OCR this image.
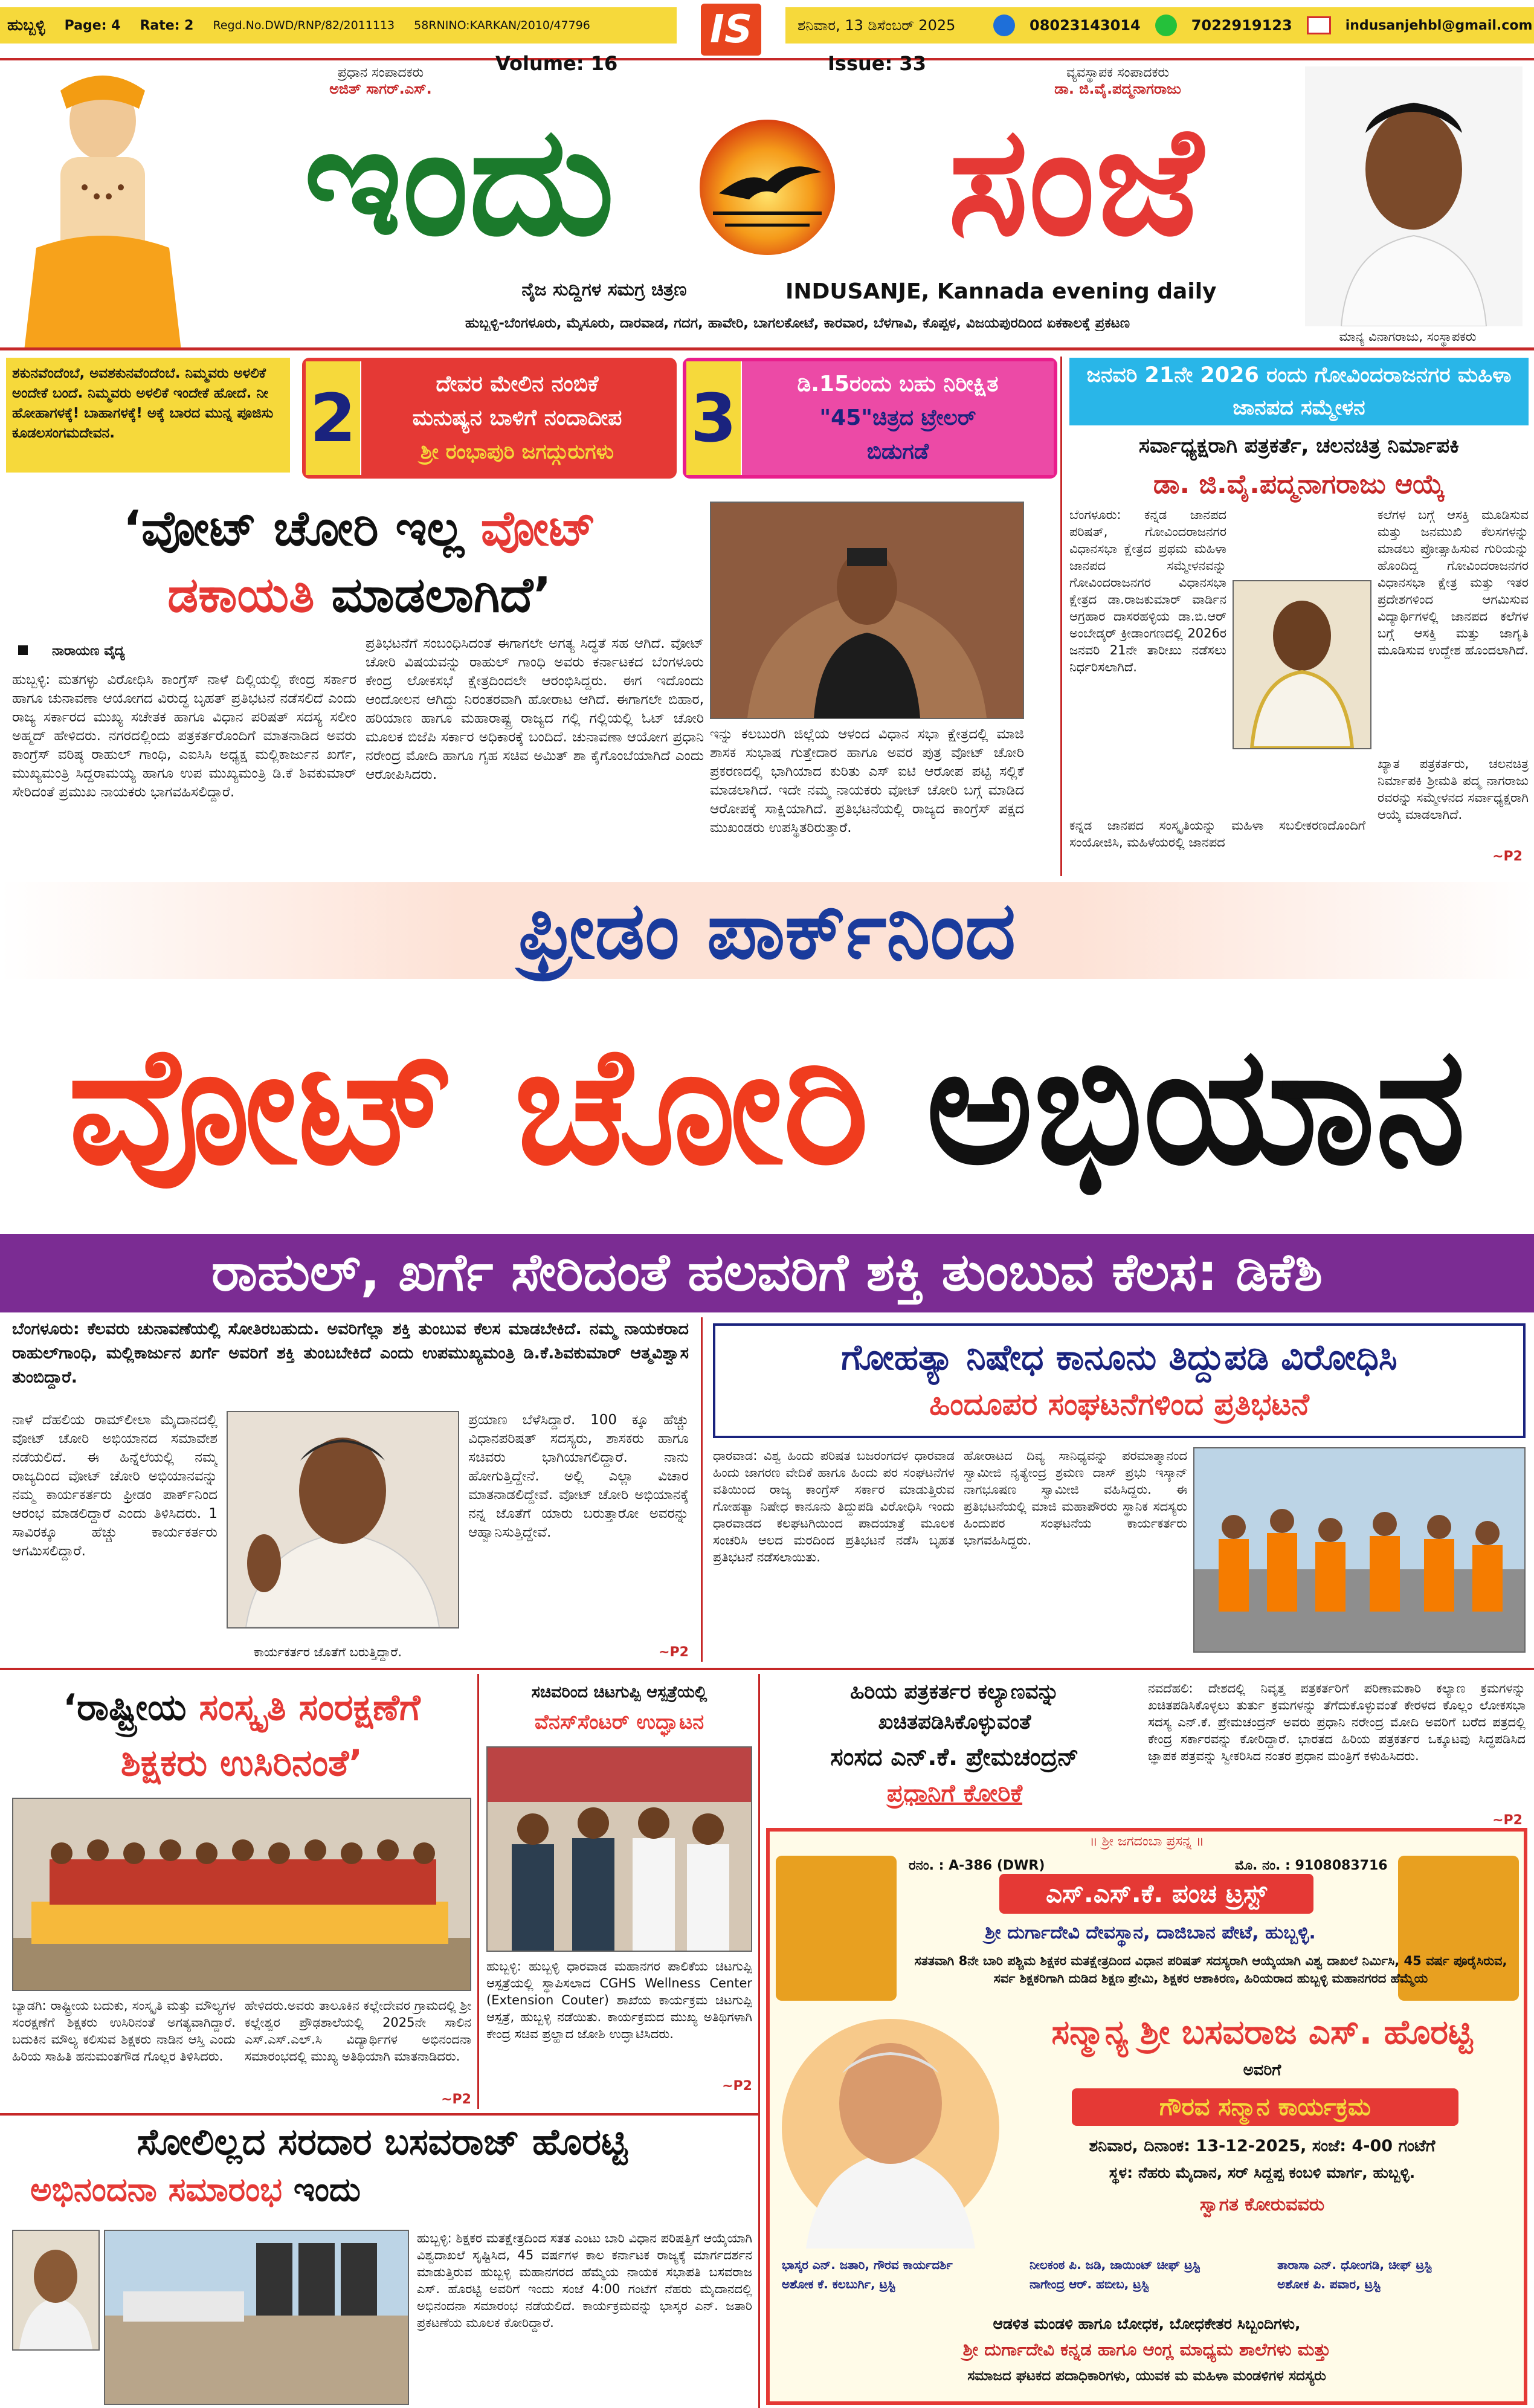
ಹುಬ್ಬಳ್ಳಿ Page: 4 Rate: 2 Regd.No.DWD/RNP/82/2011113 58RNINO:KARKAN/2010/47796	IS	ಶನಿವಾರ, 13 ಡಿಸೆಂಬರ್ 2025	08023143014	7022919123	indusanjehbl@gmail.com
ಪ್ರಧಾನ ಸಂಪಾದಕರು
ಅಜಿತ್ ಸಾಗರ್.ಎಸ್.
Volume: 16	Issue: 33	ವ್ಯವಸ್ಥಾಪಕ ಸಂಪಾದಕರು
ಡಾ. ಜಿ.ವೈ.ಪದ್ಮನಾಗರಾಜು
ಇಂದು	ಸಂಜೆ
ನೈಜ ಸುದ್ದಿಗಳ ಸಮಗ್ರ ಚಿತ್ರಣ	INDUSANJE, Kannada evening daily
ಹುಬ್ಬಳ್ಳಿ-ಬೆಂಗಳೂರು, ಮೈಸೂರು, ದಾರವಾಡ, ಗದಗ, ಹಾವೇರಿ, ಬಾಗಲಕೋಟೆ, ಕಾರವಾರ, ಬೆಳಗಾವಿ, ಕೊಪ್ಪಳ, ವಿಜಯಪುರದಿಂದ ಏಕಕಾಲಕ್ಕೆ ಪ್ರಕಟಣ
ಮಾನ್ಯ ವಿನಾಗರಾಜು, ಸಂಸ್ಥಾಪಕರು
ಶಕುನವೆಂದೆಂಬೆ, ಅವಶಕುನವೆಂದೆಂಬೆ. ನಿಮ್ಮವರು ಅಳಲಿಕೆ ಅಂದೇಕೆ ಬಂದೆ. ನಿಮ್ಮವರು ಅಳಲಿಕೆ ಇಂದೇಕೆ ಹೋದೆ. ನೀ ಹೋಹಾಗಳಕ್ಕೆ! ಬಾಹಾಗಳಕ್ಕೆ! ಅಕ್ಕೆ ಬಾರದ ಮುನ್ನ ಪೂಜಿಸು ಕೂಡಲಸಂಗಮದೇವನ.	2	ದೇವರ ಮೇಲಿನ ನಂಬಿಕೆ
ಮನುಷ್ಯನ ಬಾಳಿಗೆ ನಂದಾದೀಪ
ಶ್ರೀ ರಂಭಾಪುರಿ ಜಗದ್ಗುರುಗಳು	3	ಡಿ.15ರಂದು ಬಹು ನಿರೀಕ್ಷಿತ
"45"ಚಿತ್ರದ ಟ್ರೇಲರ್
ಬಿಡುಗಡೆ
‘ವೋಟ್ ಚೋರಿ ಇಲ್ಲ ವೋಟ್
ಡಕಾಯತಿ ಮಾಡಲಾಗಿದೆ’
ನಾರಾಯಣ ವೈದ್ಯ

ಹುಬ್ಬಳ್ಳಿ: ಮತಗಳ್ಳು ವಿರೋಧಿಸಿ ಕಾಂಗ್ರೆಸ್ ನಾಳೆ ದಿಲ್ಲಿಯಲ್ಲಿ ಕೇಂದ್ರ ಸರ್ಕಾರ ಹಾಗೂ ಚುನಾವಣಾ ಆಯೋಗದ ವಿರುದ್ಧ ಬೃಹತ್ ಪ್ರತಿಭಟನೆ ನಡೆಸಲಿದೆ ಎಂದು ರಾಜ್ಯ ಸರ್ಕಾರದ ಮುಖ್ಯ ಸಚೇತಕ ಹಾಗೂ ವಿಧಾನ ಪರಿಷತ್ ಸದಸ್ಯ ಸಲೀಂ ಅಹ್ಮದ್ ಹೇಳಿದರು. ನಗರದಲ್ಲಿಂದು ಪತ್ರಕರ್ತರೊಂದಿಗೆ ಮಾತನಾಡಿದ ಅವರು ಕಾಂಗ್ರೆಸ್ ವರಿಷ್ಠ ರಾಹುಲ್ ಗಾಂಧಿ, ಎಐಸಿಸಿ ಅಧ್ಯಕ್ಷ ಮಲ್ಲಿಕಾರ್ಜುನ ಖರ್ಗೆ, ಮುಖ್ಯಮಂತ್ರಿ ಸಿದ್ದರಾಮಯ್ಯ ಹಾಗೂ ಉಪ ಮುಖ್ಯಮಂತ್ರಿ ಡಿ.ಕೆ ಶಿವಕುಮಾರ್ ಸೇರಿದಂತೆ ಪ್ರಮುಖ ನಾಯಕರು ಭಾಗವಹಿಸಲಿದ್ದಾರೆ.

ಪ್ರತಿಭಟನೆಗೆ ಸಂಬಂಧಿಸಿದಂತೆ ಈಗಾಗಲೇ ಅಗತ್ಯ ಸಿದ್ಧತೆ ಸಹ ಆಗಿದೆ. ವೋಟ್ ಚೋರಿ ವಿಷಯವನ್ನು ರಾಹುಲ್ ಗಾಂಧಿ ಅವರು ಕರ್ನಾಟಕದ ಬೆಂಗಳೂರು ಕೇಂದ್ರ ಲೋಕಸಭೆ ಕ್ಷೇತ್ರದಿಂದಲೇ ಆರಂಭಿಸಿದ್ದರು. ಈಗ ಇದೊಂದು ಆಂದೋಲನ ಆಗಿದ್ದು ನಿರಂತರವಾಗಿ ಹೋರಾಟ ಆಗಿದೆ. ಈಗಾಗಲೇ ಬಿಹಾರ, ಹರಿಯಾಣ ಹಾಗೂ ಮಹಾರಾಷ್ಟ್ರ ರಾಜ್ಯದ ಗಲ್ಲಿ ಗಲ್ಲಿಯಲ್ಲಿ ಓಟ್ ಚೋರಿ ಮೂಲಕ ಬಿಜೆಪಿ ಸರ್ಕಾರ ಅಧಿಕಾರಕ್ಕೆ ಬಂದಿದೆ. ಚುನಾವಣಾ ಆಯೋಗ ಪ್ರಧಾನಿ ನರೇಂದ್ರ ಮೋದಿ ಹಾಗೂ ಗೃಹ ಸಚಿವ ಅಮಿತ್ ಶಾ ಕೈಗೊಂಬೆಯಾಗಿದೆ ಎಂದು ಆರೋಪಿಸಿದರು.

ಇನ್ನು ಕಲಬುರಗಿ ಜಿಲ್ಲೆಯ ಆಳಂದ ವಿಧಾನ ಸಭಾ ಕ್ಷೇತ್ರದಲ್ಲಿ ಮಾಜಿ ಶಾಸಕ ಸುಭಾಷ ಗುತ್ತೇದಾರ ಹಾಗೂ ಅವರ ಪುತ್ರ ವೋಟ್ ಚೋರಿ ಪ್ರಕರಣದಲ್ಲಿ ಭಾಗಿಯಾದ ಕುರಿತು ಎಸ್ ಐಟಿ ಆರೋಪ ಪಟ್ಟಿ ಸಲ್ಲಿಕೆ ಮಾಡಲಾಗಿದೆ. ಇದೇ ನಮ್ಮ ನಾಯಕರು ವೋಟ್ ಚೋರಿ ಬಗ್ಗೆ ಮಾಡಿದ ಆರೋಪಕ್ಕೆ ಸಾಕ್ಷಿಯಾಗಿದೆ. ಪ್ರತಿಭಟನೆಯಲ್ಲಿ ರಾಜ್ಯದ ಕಾಂಗ್ರೆಸ್ ಪಕ್ಷದ ಮುಖಂಡರು ಉಪಸ್ಥಿತರಿರುತ್ತಾರೆ.

ಜನವರಿ 21ನೇ 2026 ರಂದು ಗೋವಿಂದರಾಜನಗರ ಮಹಿಳಾ ಜಾನಪದ ಸಮ್ಮೇಳನ
ಸರ್ವಾಧ್ಯಕ್ಷರಾಗಿ ಪತ್ರಕರ್ತೆ, ಚಲನಚಿತ್ರ ನಿರ್ಮಾಪಕಿ
ಡಾ. ಜಿ.ವೈ.ಪದ್ಮನಾಗರಾಜು ಆಯ್ಕೆ

ಬೆಂಗಳೂರು: ಕನ್ನಡ ಜಾನಪದ ಪರಿಷತ್, ಗೋವಿಂದರಾಜನಗರ ವಿಧಾನಸಭಾ ಕ್ಷೇತ್ರದ ಪ್ರಥಮ ಮಹಿಳಾ ಜಾನಪದ ಸಮ್ಮೇಳನವನ್ನು ಗೋವಿಂದರಾಜನಗರ ವಿಧಾನಸಭಾ ಕ್ಷೇತ್ರದ ಡಾ.ರಾಜಕುಮಾರ್ ವಾರ್ಡಿನ ಆಗ್ರಹಾರ ದಾಸರಹಳ್ಳಿಯ ಡಾ.ಬಿ.ಆರ್ ಅಂಬೇಡ್ಕರ್ ಕ್ರೀಡಾಂಗಣದಲ್ಲಿ 2026ರ ಜನವರಿ 21ನೇ ತಾರೀಖು ನಡೆಸಲು ನಿರ್ಧರಿಸಲಾಗಿದೆ.

ಕಲೆಗಳ ಬಗ್ಗೆ ಆಸಕ್ತಿ ಮೂಡಿಸುವ ಮತ್ತು ಜನಮುಖಿ ಕೆಲಸಗಳನ್ನು ಮಾಡಲು ಪ್ರೋತ್ಸಾಹಿಸುವ ಗುರಿಯನ್ನು ಹೊಂದಿದ್ದ ಗೋವಿಂದರಾಜನಗರ ವಿಧಾನಸಭಾ ಕ್ಷೇತ್ರ ಮತ್ತು ಇತರ ಪ್ರದೇಶಗಳಿಂದ ಆಗಮಿಸುವ ವಿದ್ಯಾರ್ಥಿಗಳಲ್ಲಿ ಜಾನಪದ ಕಲೆಗಳ ಬಗ್ಗೆ ಆಸಕ್ತಿ ಮತ್ತು ಜಾಗೃತಿ ಮೂಡಿಸುವ ಉದ್ದೇಶ ಹೊಂದಲಾಗಿದೆ.

ಕನ್ನಡ ಜಾನಪದ ಸಂಸ್ಕೃತಿಯನ್ನು ಮಹಿಳಾ ಸಬಲೀಕರಣದೊಂದಿಗೆ ಸಂಯೋಜಿಸಿ, ಮಹಿಳೆಯರಲ್ಲಿ ಜಾನಪದ

ಖ್ಯಾತ ಪತ್ರಕರ್ತರು, ಚಲನಚಿತ್ರ ನಿರ್ಮಾಪಕಿ ಶ್ರೀಮತಿ ಪದ್ಮ ನಾಗರಾಜು ರವರನ್ನು ಸಮ್ಮೇಳನದ ಸರ್ವಾಧ್ಯಕ್ಷರಾಗಿ ಆಯ್ಕೆ ಮಾಡಲಾಗಿದೆ.

~P2
ಫ್ರೀಡಂ ಪಾರ್ಕ್‌ನಿಂದ
ವೋಟ್ ಚೋರಿ ಅಭಿಯಾನ
ರಾಹುಲ್, ಖರ್ಗೆ ಸೇರಿದಂತೆ ಹಲವರಿಗೆ ಶಕ್ತಿ ತುಂಬುವ ಕೆಲಸ: ಡಿಕೆಶಿ
ಬೆಂಗಳೂರು: ಕೆಲವರು ಚುನಾವಣೆಯಲ್ಲಿ ಸೋತಿರಬಹುದು. ಅವರಿಗೆಲ್ಲಾ ಶಕ್ತಿ ತುಂಬುವ ಕೆಲಸ ಮಾಡಬೇಕಿದೆ. ನಮ್ಮ ನಾಯಕರಾದ ರಾಹುಲ್‌ಗಾಂಧಿ, ಮಲ್ಲಿಕಾರ್ಜುನ ಖರ್ಗೆ ಅವರಿಗೆ ಶಕ್ತಿ ತುಂಬಬೇಕಿದೆ ಎಂದು ಉಪಮುಖ್ಯಮಂತ್ರಿ ಡಿ.ಕೆ.ಶಿವಕುಮಾರ್ ಆತ್ಮವಿಶ್ವಾಸ ತುಂಬಿದ್ದಾರೆ.

ನಾಳೆ ದೆಹಲಿಯ ರಾಮ್‌ಲೀಲಾ ಮೈದಾನದಲ್ಲಿ ವೋಟ್ ಚೋರಿ ಅಭಿಯಾನದ ಸಮಾವೇಶ ನಡೆಯಲಿದೆ. ಈ ಹಿನ್ನೆಲೆಯಲ್ಲಿ ನಮ್ಮ ರಾಜ್ಯದಿಂದ ವೋಟ್ ಚೋರಿ ಅಭಿಯಾನವನ್ನು ನಮ್ಮ ಕಾರ್ಯಕರ್ತರು ಫ್ರೀಡಂ ಪಾರ್ಕ್‌ನಿಂದ ಆರಂಭ ಮಾಡಲಿದ್ದಾರೆ ಎಂದು ತಿಳಿಸಿದರು. 1 ಸಾವಿರಕ್ಕೂ ಹೆಚ್ಚು ಕಾರ್ಯಕರ್ತರು ಆಗಮಿಸಲಿದ್ದಾರೆ.

ಪ್ರಯಾಣ ಬೆಳೆಸಿದ್ದಾರೆ. 100 ಕ್ಕೂ ಹೆಚ್ಚು ವಿಧಾನಪರಿಷತ್ ಸದಸ್ಯರು, ಶಾಸಕರು ಹಾಗೂ ಸಚಿವರು ಭಾಗಿಯಾಗಲಿದ್ದಾರೆ. ನಾನು ಹೋಗುತ್ತಿದ್ದೇನೆ. ಅಲ್ಲಿ ಎಲ್ಲಾ ವಿಚಾರ ಮಾತನಾಡಲಿದ್ದೇವೆ. ವೋಟ್ ಚೋರಿ ಅಭಿಯಾನಕ್ಕೆ ನನ್ನ ಜೊತೆಗೆ ಯಾರು ಬರುತ್ತಾರೋ ಅವರನ್ನು ಆಹ್ವಾನಿಸುತ್ತಿದ್ದೇವೆ.

ಕಾರ್ಯಕರ್ತರ ಜೊತೆಗೆ ಬರುತ್ತಿದ್ದಾರೆ.	~P2
ಗೋಹತ್ಯಾ ನಿಷೇಧ ಕಾನೂನು ತಿದ್ದುಪಡಿ ವಿರೋಧಿಸಿ
ಹಿಂದೂಪರ ಸಂಘಟನೆಗಳಿಂದ ಪ್ರತಿಭಟನೆ

ಧಾರವಾಡ: ವಿಶ್ವ ಹಿಂದು ಪರಿಷತ ಬಜರಂಗದಳ ಧಾರವಾಡ ಹಿಂದು ಜಾಗರಣ ವೇದಿಕೆ ಹಾಗೂ ಹಿಂದು ಪರ ಸಂಘಟನೆಗಳ ವತಿಯಿಂದ ರಾಜ್ಯ ಕಾಂಗ್ರೆಸ್ ಸರ್ಕಾರ ಮಾಡುತ್ತಿರುವ ಗೋಹತ್ಯಾ ನಿಷೇಧ ಕಾನೂನು ತಿದ್ದುಪಡಿ ವಿರೋಧಿಸಿ ಇಂದು ಧಾರವಾಡದ ಕಲಘಟಗಿಯಿಂದ ಪಾದಯಾತ್ರೆ ಮೂಲಕ ಸಂಚರಿಸಿ ಆಲದ ಮರದಿಂದ ಪ್ರತಿಭಟನೆ ನಡೆಸಿ ಬೃಹತ ಪ್ರತಿಭಟನೆ ನಡೆಸಲಾಯಿತು.

ಹೋರಾಟದ ದಿವ್ಯ ಸಾನಿಧ್ಯವನ್ನು ಪರಮಾತ್ಮಾನಂದ ಸ್ವಾಮೀಜಿ ನೃತ್ಯೇಂದ್ರ ಶ್ರಮಣ ದಾಸ್ ಪ್ರಭು ಇಸ್ಕಾನ್ ನಾಗಭೂಷಣ ಸ್ವಾಮೀಜಿ ವಹಿಸಿದ್ದರು. ಈ ಪ್ರತಿಭಟನೆಯಲ್ಲಿ ಮಾಜಿ ಮಹಾಪೌರರು ಸ್ಥಾನಿಕ ಸದಸ್ಯರು ಹಿಂದುಪರ ಸಂಘಟನೆಯ ಕಾರ್ಯಕರ್ತರು ಭಾಗವಹಿಸಿದ್ದರು.

‘ರಾಷ್ಟ್ರೀಯ ಸಂಸ್ಕೃತಿ ಸಂರಕ್ಷಣೆಗೆ
ಶಿಕ್ಷಕರು ಉಸಿರಿನಂತೆ’

ಬ್ಯಾಡಗಿ: ರಾಷ್ಟ್ರೀಯ ಬದುಕು, ಸಂಸ್ಕೃತಿ ಮತ್ತು ಮೌಲ್ಯಗಳ ಸಂರಕ್ಷಣೆಗೆ ಶಿಕ್ಷಕರು ಉಸಿರಿನಂತೆ ಅಗತ್ಯವಾಗಿದ್ದಾರೆ. ಬದುಕಿನ ಮೌಲ್ಯ ಕಲಿಸುವ ಶಿಕ್ಷಕರು ನಾಡಿನ ಆಸ್ತಿ ಎಂದು ಹಿರಿಯ ಸಾಹಿತಿ ಹನುಮಂತಗೌಡ ಗೊಲ್ಲರ ತಿಳಿಸಿದರು.

ಹೇಳಿದರು.ಅವರು ತಾಲೂಕಿನ ಕಲ್ಲೇದೇವರ ಗ್ರಾಮದಲ್ಲಿ ಶ್ರೀ ಕಲ್ಲೇಶ್ವರ ಪ್ರೌಢಶಾಲೆಯಲ್ಲಿ 2025ನೇ ಸಾಲಿನ ಎಸ್.ಎಸ್.ಎಲ್.ಸಿ ವಿದ್ಯಾರ್ಥಿಗಳ ಅಭಿನಂದನಾ ಸಮಾರಂಭದಲ್ಲಿ ಮುಖ್ಯ ಅತಿಥಿಯಾಗಿ ಮಾತನಾಡಿದರು.

~P2
ಸಚಿವರಿಂದ ಚಿಟಗುಪ್ಪಿ ಆಸ್ಪತ್ರೆಯಲ್ಲಿ
ವೆನಸ್‌ಸೆಂಟರ್ ಉದ್ಘಾಟನ

ಹುಬ್ಬಳ್ಳಿ: ಹುಬ್ಬಳ್ಳಿ ಧಾರವಾಡ ಮಹಾನಗರ ಪಾಲಿಕೆಯ ಚಿಟಗುಪ್ಪಿ ಆಸ್ಪತ್ರೆಯಲ್ಲಿ ಸ್ಥಾಪಿಸಲಾದ CGHS Wellness Center (Extension Couter) ಶಾಖೆಯ ಕಾರ್ಯಕ್ರಮ ಚಿಟಗುಪ್ಪಿ ಆಸ್ಪತ್ರೆ, ಹುಬ್ಬಳ್ಳಿ ನಡೆಯಿತು. ಕಾರ್ಯಕ್ರಮದ ಮುಖ್ಯ ಅತಿಥಿಗಳಾಗಿ ಕೇಂದ್ರ ಸಚಿವ ಪ್ರಲ್ಹಾದ ಜೋಶಿ ಉದ್ಘಾಟಿಸಿದರು.

~P2
ಹಿರಿಯ ಪತ್ರಕರ್ತರ ಕಲ್ಯಾಣವನ್ನು
ಖಚಿತಪಡಿಸಿಕೊಳ್ಳುವಂತೆ
ಸಂಸದ ಎನ್.ಕೆ. ಪ್ರೇಮಚಂದ್ರನ್
ಪ್ರಧಾನಿಗೆ ಕೋರಿಕೆ

ನವದೆಹಲಿ: ದೇಶದಲ್ಲಿ ನಿವೃತ್ತ ಪತ್ರಕರ್ತರಿಗೆ ಪರಿಣಾಮಕಾರಿ ಕಲ್ಯಾಣ ಕ್ರಮಗಳನ್ನು ಖಚಿತಪಡಿಸಿಕೊಳ್ಳಲು ತುರ್ತು ಕ್ರಮಗಳನ್ನು ತೆಗೆದುಕೊಳ್ಳುವಂತೆ ಕೇರಳದ ಕೊಲ್ಲಂ ಲೋಕಸಭಾ ಸದಸ್ಯ ಎನ್.ಕೆ. ಪ್ರೇಮಚಂದ್ರನ್ ಅವರು ಪ್ರಧಾನಿ ನರೇಂದ್ರ ಮೋದಿ ಅವರಿಗೆ ಬರೆದ ಪತ್ರದಲ್ಲಿ ಕೇಂದ್ರ ಸರ್ಕಾರವನ್ನು ಕೋರಿದ್ದಾರೆ. ಭಾರತದ ಹಿರಿಯ ಪತ್ರಕರ್ತರ ಒಕ್ಕೂಟವು ಸಿದ್ಧಪಡಿಸಿದ ಜ್ಞಾಪಕ ಪತ್ರವನ್ನು ಸ್ವೀಕರಿಸಿದ ನಂತರ ಪ್ರಧಾನ ಮಂತ್ರಿಗೆ ಕಳುಹಿಸಿದರು.

~P2
॥ ಶ್ರೀ ಜಗದಂಬಾ ಪ್ರಸನ್ನ ॥
ರನಂ. : A-386 (DWR)	ಮೊ. ನಂ. : 9108083716
ಎಸ್.ಎಸ್.ಕೆ. ಪಂಚ ಟ್ರಸ್ಟ್
ಶ್ರೀ ದುರ್ಗಾದೇವಿ ದೇವಸ್ಥಾನ, ದಾಜಿಬಾನ ಪೇಟೆ, ಹುಬ್ಬಳ್ಳಿ.
ಸತತವಾಗಿ 8ನೇ ಬಾರಿ ಪಶ್ಚಿಮ ಶಿಕ್ಷಕರ ಮತಕ್ಷೇತ್ರದಿಂದ ವಿಧಾನ ಪರಿಷತ್ ಸದಸ್ಯರಾಗಿ ಆಯ್ಕೆಯಾಗಿ ವಿಶ್ವ ದಾಖಲೆ ನಿರ್ಮಿಸಿ, 45 ವರ್ಷ ಪೂರೈಸಿರುವ, ಸರ್ವ ಶಿಕ್ಷಕರಿಗಾಗಿ ದುಡಿದ ಶಿಕ್ಷಣ ಪ್ರೇಮಿ, ಶಿಕ್ಷಕರ ಆಶಾಕಿರಣ, ಹಿರಿಯರಾದ ಹುಬ್ಬಳ್ಳಿ ಮಹಾನಗರದ ಹೆಮ್ಮೆಯ
ಸನ್ಮಾನ್ಯ ಶ್ರೀ ಬಸವರಾಜ ಎಸ್. ಹೊರಟ್ಟಿ
ಅವರಿಗೆ
ಗೌರವ ಸನ್ಮಾನ ಕಾರ್ಯಕ್ರಮ
ಶನಿವಾರ, ದಿನಾಂಕ: 13-12-2025, ಸಂಜೆ: 4-00 ಗಂಟೆಗೆ
ಸ್ಥಳ: ನೆಹರು ಮೈದಾನ, ಸರ್ ಸಿದ್ದಪ್ಪ ಕಂಬಳಿ ಮಾರ್ಗ, ಹುಬ್ಬಳ್ಳಿ.
ಸ್ವಾಗತ ಕೋರುವವರು
ಭಾಸ್ಕರ ಎನ್. ಜತಾರಿ, ಗೌರವ ಕಾರ್ಯದರ್ಶಿ	ನೀಲಕಂಠ ಪಿ. ಜಡಿ, ಜಾಯಿಂಟ್ ಚೀಫ್ ಟ್ರಸ್ಟಿ	ತಾರಾಸಾ ಎನ್. ಧೋಂಗಡಿ, ಚೀಫ್ ಟ್ರಸ್ಟಿ
ಅಶೋಕ ಕೆ. ಕಲಬುರ್ಗಿ, ಟ್ರಸ್ಟಿ	ನಾಗೇಂದ್ರ ಆರ್. ಹಬೀಬ, ಟ್ರಸ್ಟಿ	ಅಶೋಕ ಪಿ. ಪವಾರ, ಟ್ರಸ್ಟಿ
ಆಡಳಿತ ಮಂಡಳಿ ಹಾಗೂ ಬೋಧಕ, ಬೋಧಕೇತರ ಸಿಬ್ಬಂದಿಗಳು,
ಶ್ರೀ ದುರ್ಗಾದೇವಿ ಕನ್ನಡ ಹಾಗೂ ಆಂಗ್ಲ ಮಾಧ್ಯಮ ಶಾಲೆಗಳು ಮತ್ತು
ಸಮಾಜದ ಘಟಕದ ಪದಾಧಿಕಾರಿಗಳು, ಯುವಕ ಮ ಮಹಿಳಾ ಮಂಡಳಿಗಳ ಸದಸ್ಯರು
ಸೋಲಿಲ್ಲದ ಸರದಾರ ಬಸವರಾಜ್ ಹೊರಟ್ಟಿ
ಅಭಿನಂದನಾ ಸಮಾರಂಭ ಇಂದು

ಹುಬ್ಬಳ್ಳಿ: ಶಿಕ್ಷಕರ ಮತಕ್ಷೇತ್ರದಿಂದ ಸತತ ಎಂಟು ಬಾರಿ ವಿಧಾನ ಪರಿಷತ್ತಿಗೆ ಆಯ್ಕೆಯಾಗಿ ವಿಶ್ವದಾಖಲೆ ಸೃಷ್ಟಿಸಿದ, 45 ವರ್ಷಗಳ ಕಾಲ ಕರ್ನಾಟಕ ರಾಜ್ಯಕ್ಕೆ ಮಾರ್ಗದರ್ಶನ ಮಾಡುತ್ತಿರುವ ಹುಬ್ಬಳ್ಳಿ ಮಹಾನಗರದ ಹೆಮ್ಮೆಯ ನಾಯಕ ಸಭಾಪತಿ ಬಸವರಾಜ ಎಸ್. ಹೊರಟ್ಟಿ ಅವರಿಗೆ ಇಂದು ಸಂಜೆ 4:00 ಗಂಟೆಗೆ ನೆಹರು ಮೈದಾನದಲ್ಲಿ ಅಭಿನಂದನಾ ಸಮಾರಂಭ ನಡೆಯಲಿದೆ. ಕಾರ್ಯಕ್ರಮವನ್ನು ಭಾಸ್ಕರ ಎನ್. ಜತಾರಿ ಪ್ರಕಟಣೆಯ ಮೂಲಕ ಕೋರಿದ್ದಾರೆ.
